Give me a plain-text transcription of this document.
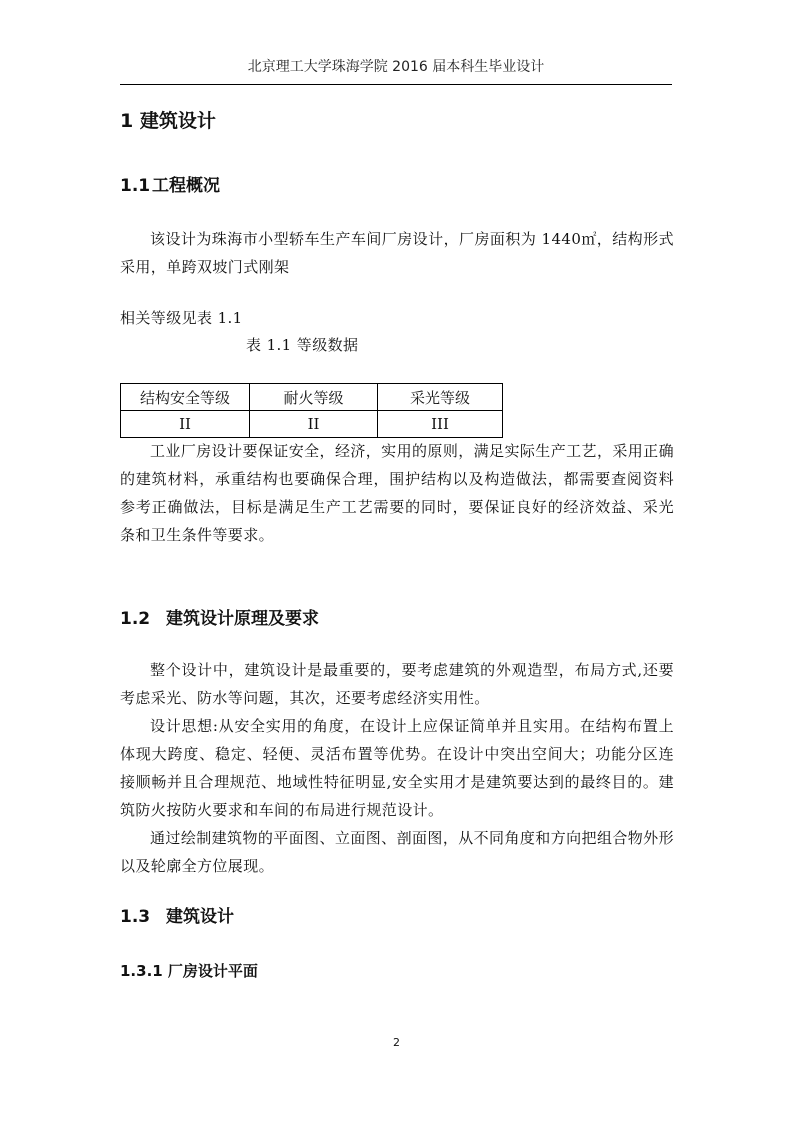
北京理工大学珠海学院 2016 届本科生毕业设计
1 建筑设计
1.1 工程概况
该设计为珠海市小型轿车生产车间厂房设计，厂房面积为 1440㎡，结构形式采用，单跨双坡门式刚架
相关等级见表 1.1
表 1.1 等级数据
结构安全等级	耐火等级	采光等级
II	II	III
工业厂房设计要保证安全，经济，实用的原则，满足实际生产工艺，采用正确的建筑材料，承重结构也要确保合理，围护结构以及构造做法，都需要查阅资料参考正确做法，目标是满足生产工艺需要的同时，要保证良好的经济效益、采光条和卫生条件等要求。
1.2 建筑设计原理及要求
整个设计中，建筑设计是最重要的，要考虑建筑的外观造型，布局方式,还要考虑采光、防水等问题，其次，还要考虑经济实用性。
设计思想:从安全实用的角度，在设计上应保证简单并且实用。在结构布置上体现大跨度、稳定、轻便、灵活布置等优势。在设计中突出空间大；功能分区连接顺畅并且合理规范、地域性特征明显,安全实用才是建筑要达到的最终目的。建筑防火按防火要求和车间的布局进行规范设计。
通过绘制建筑物的平面图、立面图、剖面图，从不同角度和方向把组合物外形以及轮廓全方位展现。
1.3 建筑设计
1.3.1 厂房设计平面
2
